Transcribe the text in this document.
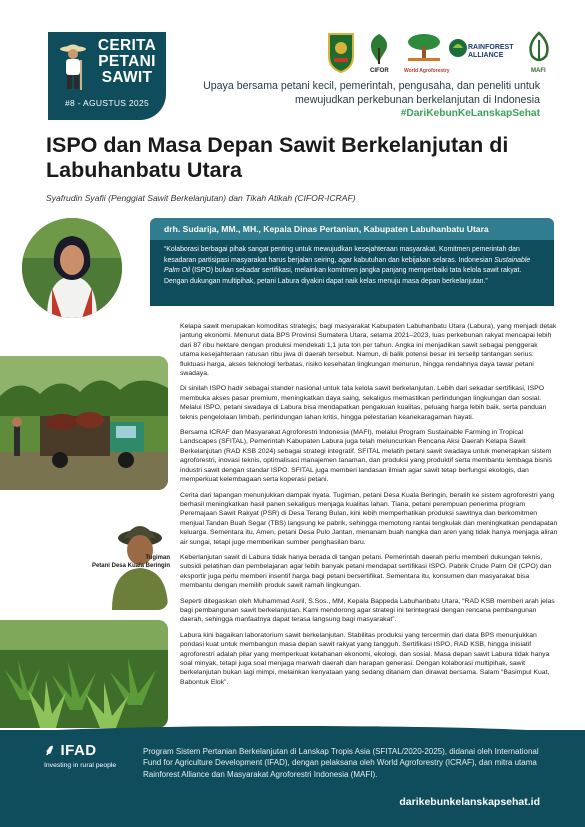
CERITA PETANI SAWIT
#8 - AGUSTUS 2025
CIFOR	World Agroforestry
RAINFOREST ALLIANCE
MAFI
Upaya bersama petani kecil, pemerintah, pengusaha, dan peneliti untuk mewujudkan perkebunan berkelanjutan di Indonesia
#DariKebunKeLanskapSehat
ISPO dan Masa Depan Sawit Berkelanjutan di Labuhanbatu Utara
Syafrudin Syafii (Penggiat Sawit Berkelanjutan) dan Tikah Atikah (CIFOR-ICRAF)
drh. Sudarija, MM., MH., Kepala Dinas Pertanian, Kabupaten Labuhanbatu Utara
“Kolaborasi berbagai pihak sangat penting untuk mewujudkan kesejahteraan masyarakat. Komitmen pemerintah dan kesadaran partisipasi masyarakat harus berjalan seiring, agar kabutuhan dan kebijakan selaras. Indonesian Sustainable Palm Oil (ISPO) bukan sekadar sertifikasi, melainkan komitmen jangka panjang memperbaiki tata kelola sawit rakyat. Dengan dukungan multipihak, petani Labura diyakini dapat naik kelas menuju masa depan berkelanjutan.”
Tugiman
Petani Desa Kuala Beringin

Kelapa sawit merupakan komoditas strategis; bagi masyarakat Kabupaten Labuhanbatu Utara (Labura), yang menjadi detak jantung ekonomi. Menurut data BPS Provinsi Sumatera Utara, selama 2021–2023, luas perkebunan rakyat mencapai lebih dari 87 ribu hektare dengan produksi mendekati 1,1 juta ton per tahun. Angka ini menjadikan sawit sebagai penggerak utama kesejahteraan ratusan ribu jiwa di daerah tersebut. Namun, di balik potensi besar ini tersellp tantangan serius: fluktuasi harga, akses teknologi terbatas, risiko kesehatan lingkungan menurun, hingga rendahnya daya tawar petani swadaya.

Di sinilah ISPO hadir sebagai stander nasional untuk tata kelola sawit berkelanjutan. Lebih dari sekadar sertifikasi, ISPO membuka akses pasar premium, meningkatkan daya saing, sekaligus memastikan perlindungan lingkungan dan sosial. Melalui ISPO, petani swadaya di Labura bisa mendapatkan pengakuan kualitas, peluang harga lebih baik, serta panduan teknis pengelolaan limbah, perlindungan lahan kritis, hingga pelestarian keanekaragaman hayati.

Bersama ICRAF dan Masyarakat Agroforestri Indonesia (MAFI), melalui Program Sustainable Farming in Tropical Landscapes (SFITAL), Pemerintah Kabupaten Labura juga telah meluncurkan Rencana Aksi Daerah Kelapa Sawit Berkelanjutan (RAD KSB 2024) sebagai strategi integratif. SFITAL melatih petani sawit swadaya untuk menerapkan sistem agroforestri, inovasi teknis, optimalisasi manajemen tanaman, dan produksi yang produktif serta membantu lembaga bisnis industri sawit dengan standar ISPO. SFITAL juga memberi landasan ilmiah agar sawit tetap berfungsi ekologis, dan memperkuat kelembagaan serta koperasi petani.

Cerita dari lapangan menunjukkan dampak nyata. Tugiman, petani Desa Kuala Beringin, beralih ke sistem agroforestri yang berhasil meningkatkan hasil panen sekaligus menjaga kualitas lahan. Tiana, petani perempuan penerima program Peremajaan Sawit Rakyat (PSR) di Desa Terang Bulan, kini lebih memperhatikan produksi sawitnya dan berkomitmen menjual Tandan Buah Segar (TBS) langsung ke pabrik, sehingga memotong rantai tengkulak dan meningkatkan pendapatan keluarga. Sementara itu, Amen, petani Desa Pulo Jantan, menanam buah nangka dan aren yang tidak hanya menjaga aliran air sungai, tetapi juge memberikan sumber penghasilan baru.

Keberlanjutan sawit di Labura tidak hanya berada di tangan petani. Pemerintah daerah perlu memberi dukungan teknis, subsidi pelatihan dan pembelajaran agar lebih banyak petani mendapat sertifikasi ISPO. Pabrik Crude Palm Oil (CPO) dan eksportir juga perlu memberi insentif harga bagi petani bersertifikat. Sementara itu, konsumen dan masyarakat bisa membantu dengan memilih produk sawit ramah lingkungan.

Seperti ditegaskan oleh Muhammad Asril, S.Sos., MM, Kepala Bappeda Labuhanbatu Utara, “RAD KSB memberi arah jelas bagi pembangunan sawit berkelanjutan. Kami mendorong agar strategi ini terintegrasi dengan rencana pembangunan daerah, sehingga manfaatnya dapat terasa langsung bagi masyarakat”.

Labura kini bagaikan laboratorium sawit berkelanjutan. Stabilitas produksi yang tercermin dari data BPS menunjukkan pondasi kuat untuk membangun masa depan sawit rakyat yang tangguh. Sertifikasi ISPO, RAD KSB, hingga inisiatif agroforestri adalah pilar yang memperkuat ketahanan ekonomi, ekologi, dan sosial. Masa depan sawit Labura tidak hanya soal minyak, tetapi juga soal menjaga marwah daerah dan harapan generasi. Dengan kolaborasi multipihak, sawit berkelanjutan bukan lagi mimpi, melainkan kenyataan yang sedang ditanam dan dirawat bersama. Salam “Basimpul Kuat, Babontuk Elok”.

⸙ IFAD
Investing in rural people
Program Sistem Pertanian Berkelanjutan di Lanskap Tropis Asia (SFITAL/2020-2025), didanai oleh International Fund for Agriculture Development (IFAD), dengan pelaksana oleh World Agroforestry (ICRAF), dan mitra utama Rainforest Alliance dan Masyarakat Agroforestri Indonesia (MAFI).
darikebunkelanskapsehat.id
